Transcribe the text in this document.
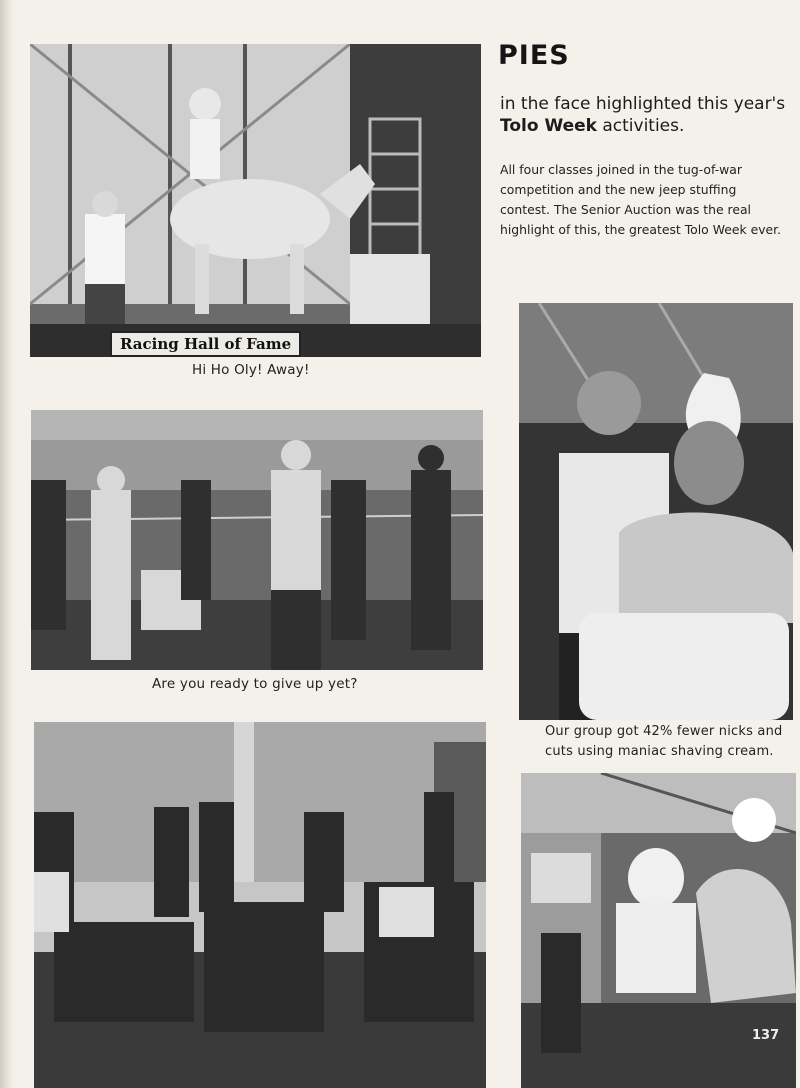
Racing Hall of Fame
Hi Ho Oly! Away!
Are you ready to give up yet?
Our group got 42% fewer nicks and cuts using maniac shaving cream.
PIES
in the face highlighted this year's Tolo Week activities.
All four classes joined in the tug-of-war competition and the new jeep stuffing contest. The Senior Auction was the real highlight of this, the greatest Tolo Week ever.
137
